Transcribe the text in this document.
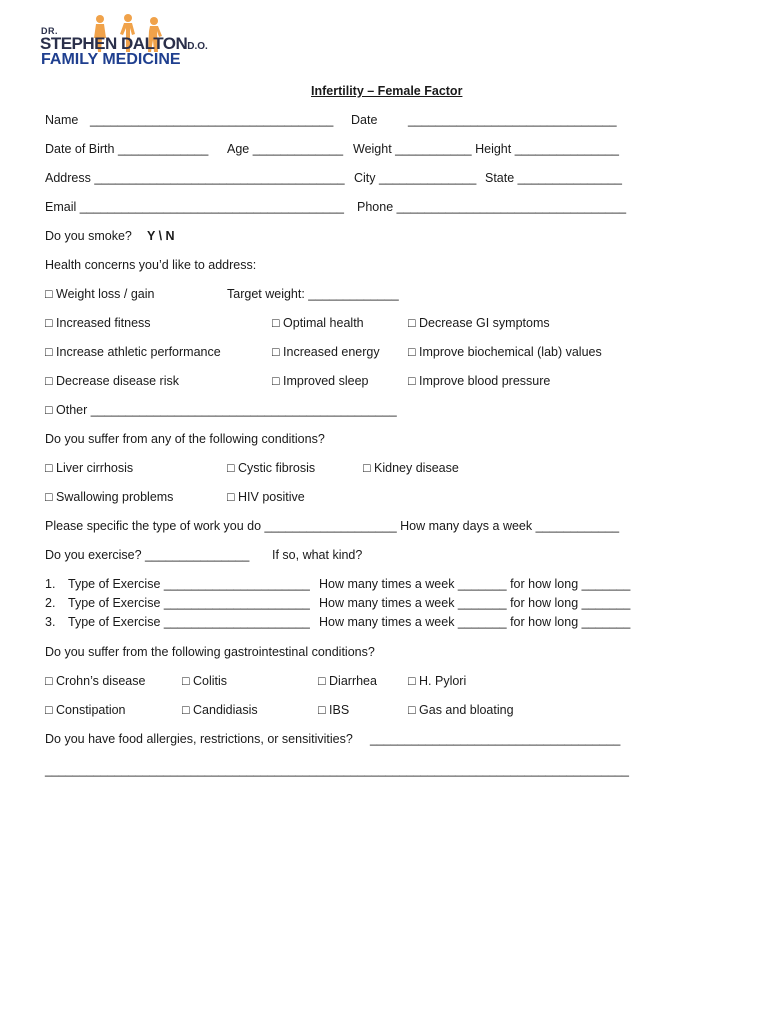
DR.
STEPHEN DALTOND.O.
FAMILY MEDICINE
Infertility – Female Factor
Name ___________________________________ Date ______________________________
Date of Birth _____________ Age _____________ Weight ___________ Height _______________
Address ____________________________________ City ______________ State _______________
Email ______________________________________ Phone _________________________________
Do you smoke? Y \ N
Health concerns you’d like to address:
□ Weight loss / gain	Target weight: _____________
□ Increased fitness	□ Optimal health	□ Decrease GI symptoms
□ Increase athletic performance	□ Increased energy □ Improve biochemical (lab) values
□ Decrease disease risk	□ Improved sleep	□ Improve blood pressure
□ Other ____________________________________________
Do you suffer from any of the following conditions?
□ Liver cirrhosis	□ Cystic fibrosis	□ Kidney disease
□ Swallowing problems	□ HIV positive
Please specific the type of work you do ___________________ How many days a week ____________
Do you exercise? _______________ If so, what kind?
1. Type of Exercise _____________________ How many times a week _______ for how long _______
2. Type of Exercise _____________________ How many times a week _______ for how long _______
3. Type of Exercise _____________________ How many times a week _______ for how long _______
Do you suffer from the following gastrointestinal conditions?
□ Crohn’s disease	□ Colitis	□ Diarrhea □ H. Pylori
□ Constipation	□ Candidiasis	□ IBS	□ Gas and bloating
Do you have food allergies, restrictions, or sensitivities? ____________________________________
____________________________________________________________________________________
